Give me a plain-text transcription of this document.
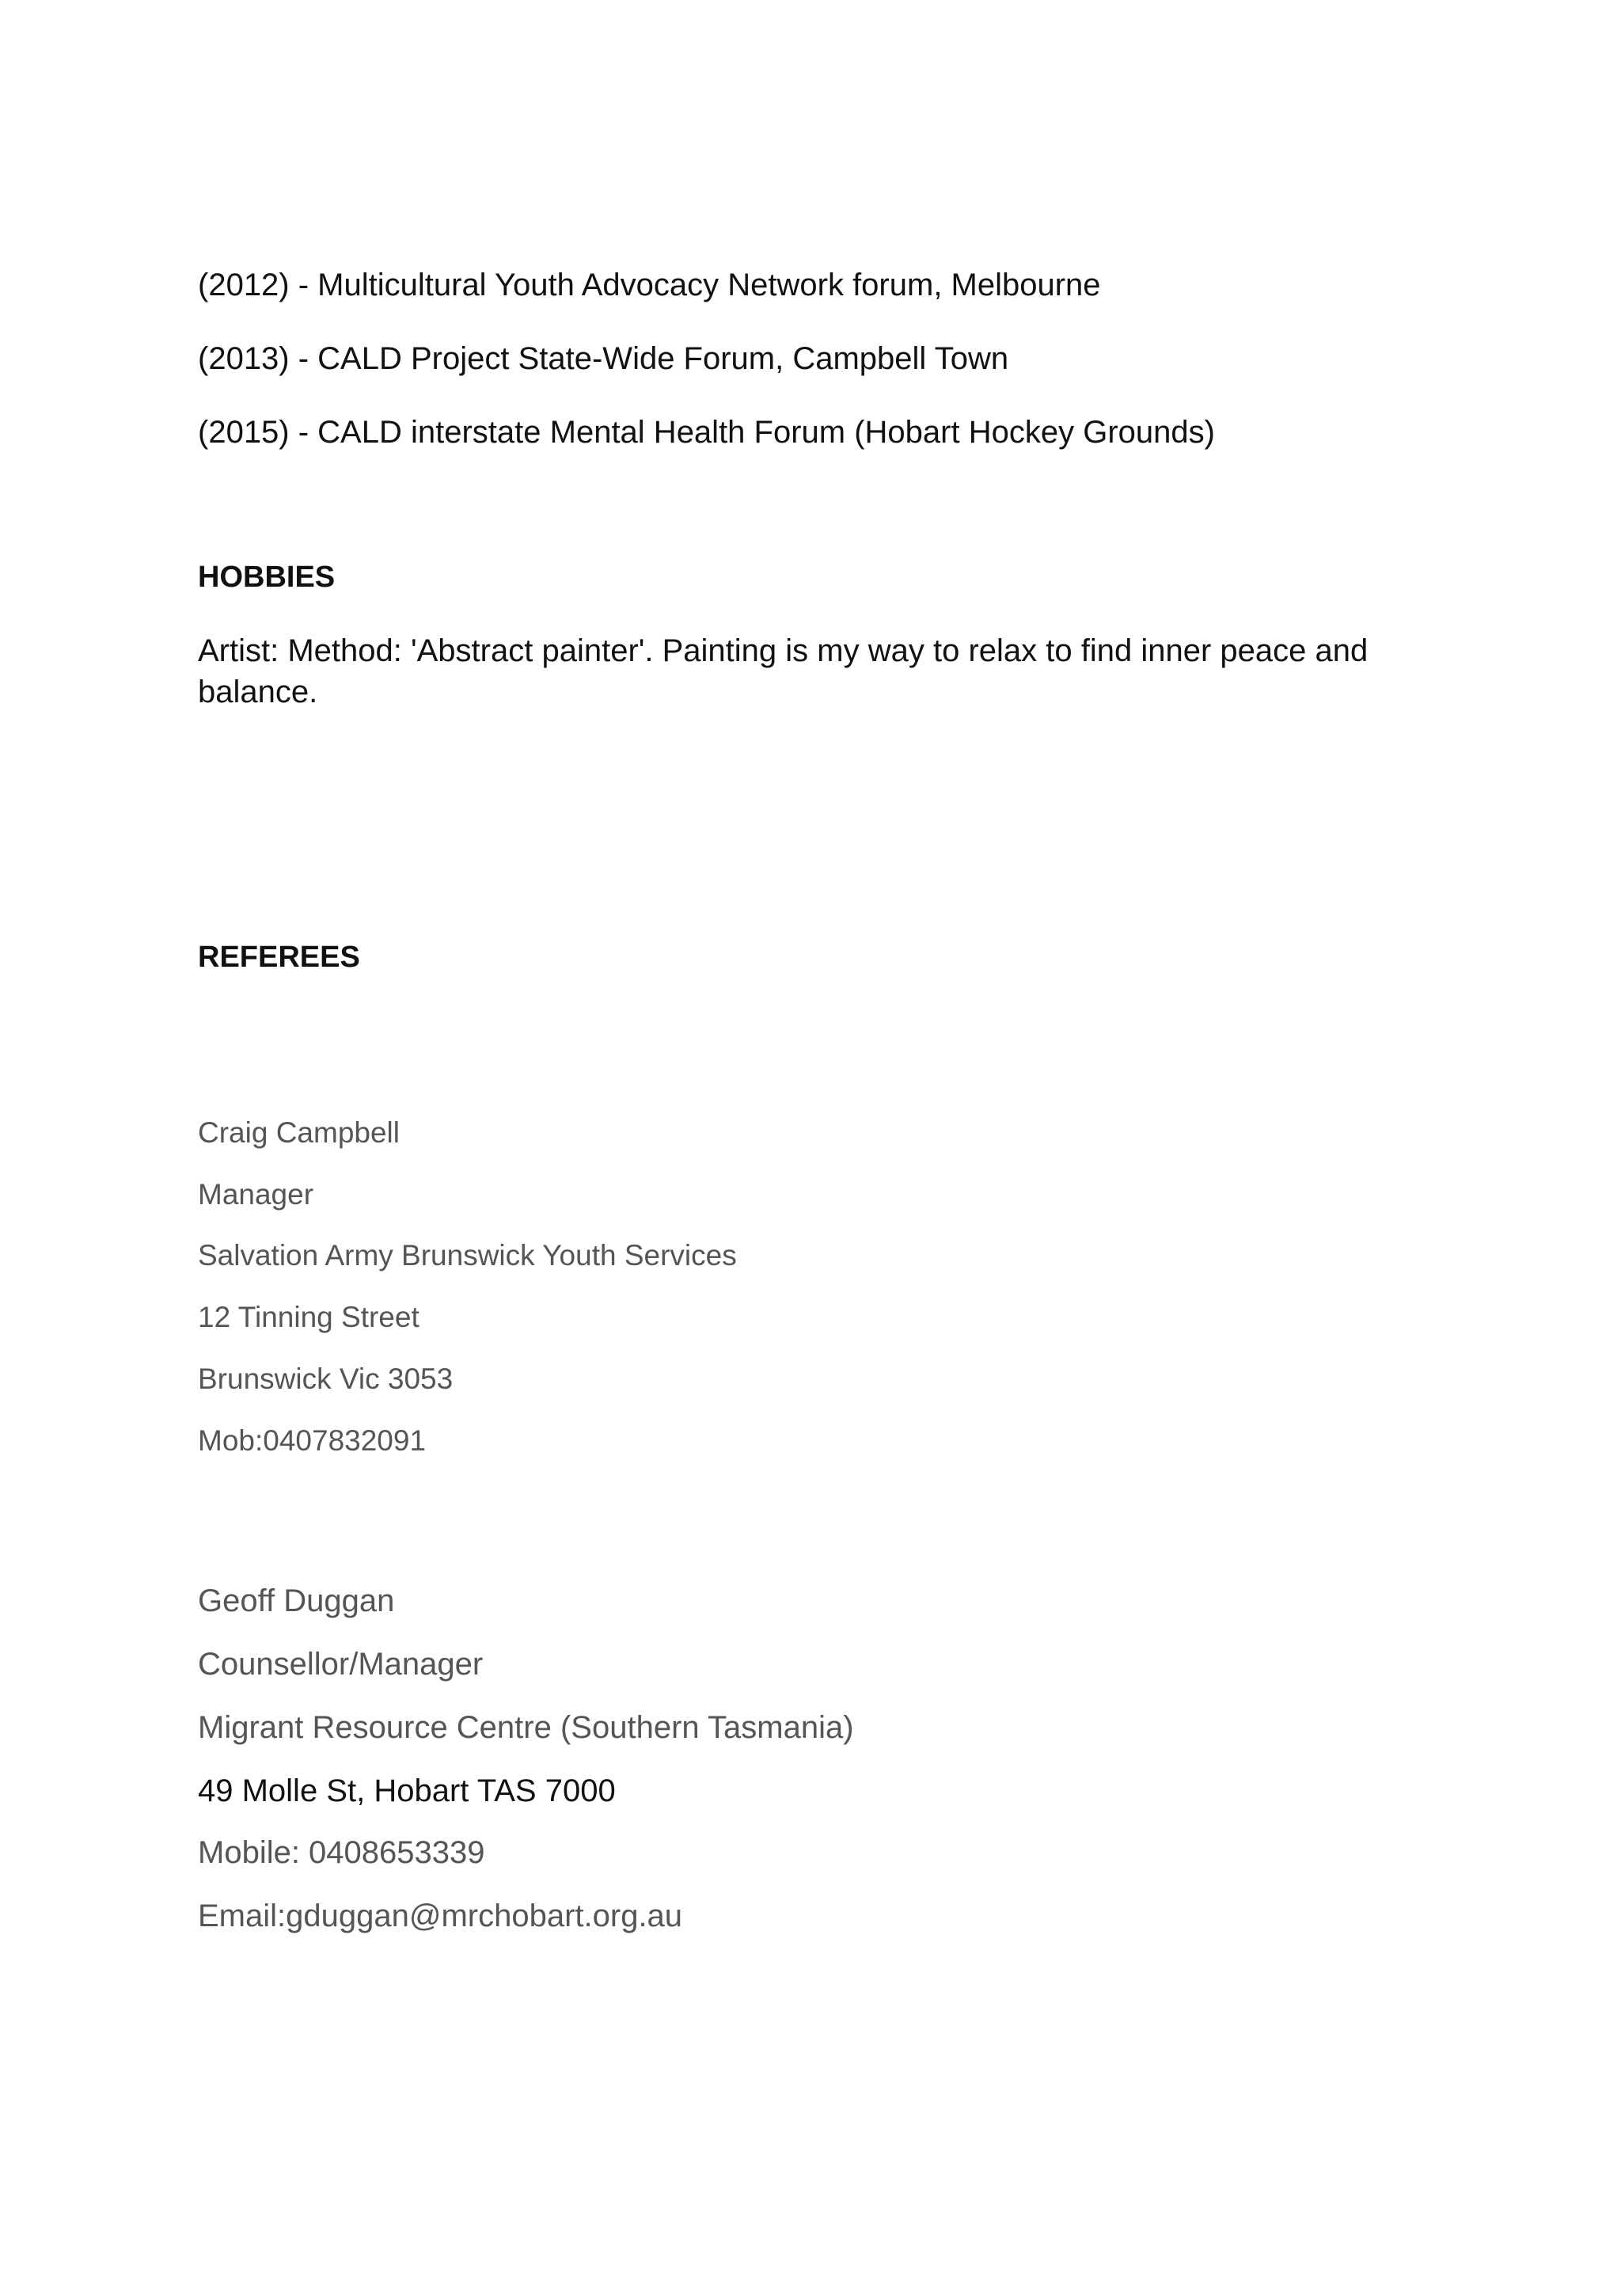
(2012) - Multicultural Youth Advocacy Network forum, Melbourne

(2013) - CALD Project State-Wide Forum, Campbell Town

(2015) - CALD interstate Mental Health Forum (Hobart Hockey Grounds)

HOBBIES

Artist: Method: 'Abstract painter'. Painting is my way to relax to find inner peace and balance.

REFEREES

Craig Campbell

Manager

Salvation Army Brunswick Youth Services

12 Tinning Street

Brunswick Vic 3053

Mob:0407832091

Geoff Duggan

Counsellor/Manager

Migrant Resource Centre (Southern Tasmania)

49 Molle St, Hobart TAS 7000

Mobile: 0408653339

Email:gduggan@mrchobart.org.au
